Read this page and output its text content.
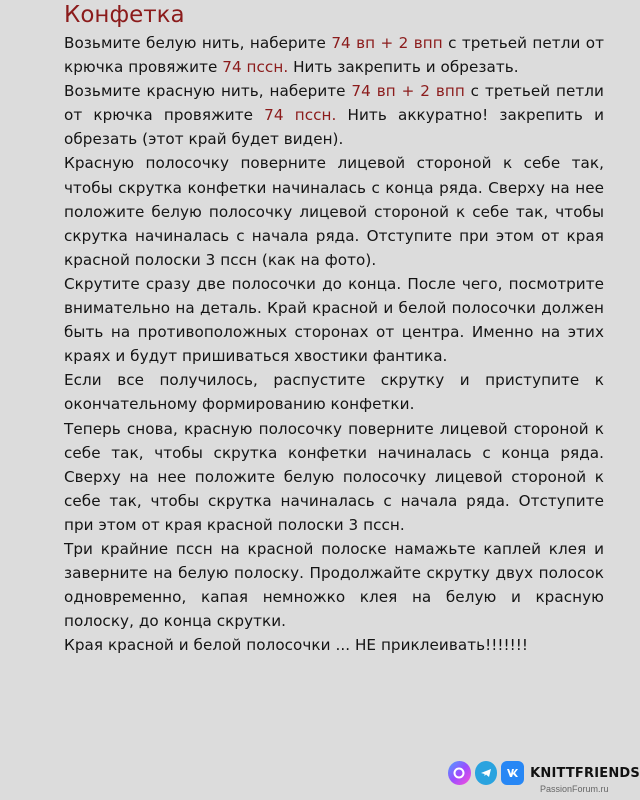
Конфетка

Возьмите белую нить, наберите 74 вп + 2 впп с третьей петли от крючка провяжите 74 пссн. Нить закрепить и обрезать.

Возьмите красную нить, наберите 74 вп + 2 впп с третьей петли от крючка провяжите 74 пссн. Нить аккуратно! закрепить и обрезать (этот край будет виден).

Красную полосочку поверните лицевой стороной к себе так, чтобы скрутка конфетки начиналась с конца ряда. Сверху на нее положите белую полосочку лицевой стороной к себе так, чтобы скрутка начиналась с начала ряда. Отступите при этом от края красной полоски 3 пссн (как на фото).

Скрутите сразу две полосочки до конца. После чего, посмотрите внимательно на деталь. Край красной и белой полосочки должен быть на противоположных сторонах от центра. Именно на этих краях и будут пришиваться хвостики фантика.

Если все получилось, распустите скрутку и приступите к окончательному формированию конфетки.

Теперь снова, красную полосочку поверните лицевой стороной к себе так, чтобы скрутка конфетки начиналась с конца ряда. Сверху на нее положите белую полосочку лицевой стороной к себе так, чтобы скрутка начиналась с начала ряда. Отступите при этом от края красной полоски 3 пссн.

Три крайние пссн на красной полоске намажьте каплей клея и заверните на белую полоску. Продолжайте скрутку двух полосок одновременно, капая немножко клея на белую и красную полоску, до конца скрутки.

Края красной и белой полосочки ... НЕ приклеивать!!!!!!!

KNITTFRIENDS
PassionForum.ru
